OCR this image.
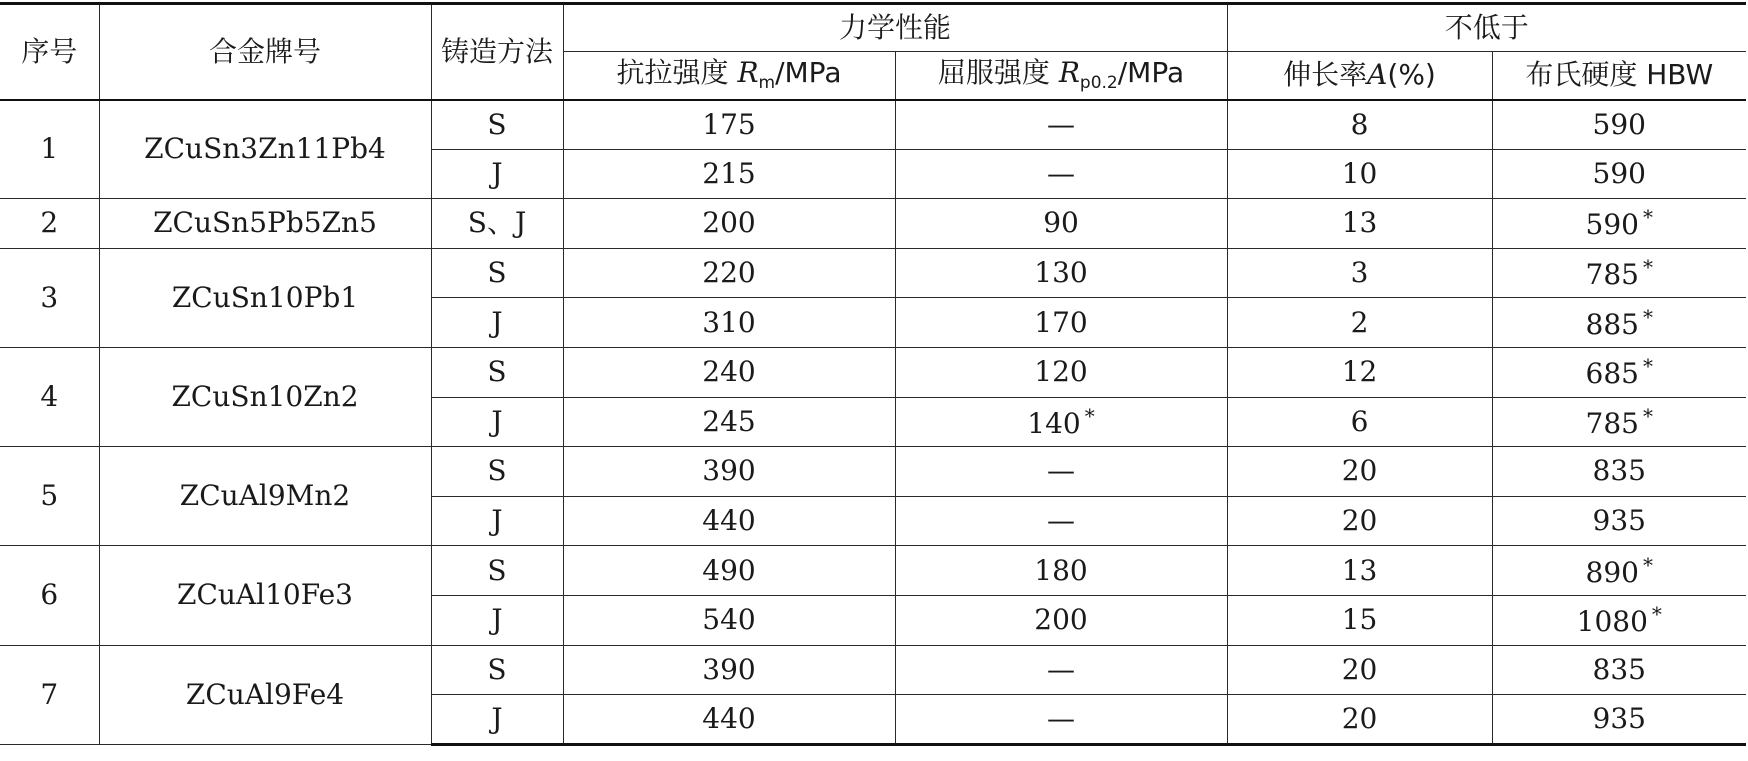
序号	合金牌号	铸造方法	力学性能		不低于	
			抗拉强度 $R_m$/MPa	屈服强度 $R_{p0.2}$/MPa	伸长率A(%)	布氏硬度 HBW
1	ZCuSn3Zn11Pb4	S	175	—	8	590
		J	215	—	10	590
2	ZCuSn5Pb5Zn5	S、J	200	90	13	590 *
3	ZCuSn10Pb1	S	220	130	3	785 *
		J	310	170	2	885 *
4	ZCuSn10Zn2	S	240	120	12	685 *
		J	245	140 *	6	785 *
5	ZCuAl9Mn2	S	390	—	20	835
		J	440	—	20	935
6	ZCuAl10Fe3	S	490	180	13	890 *
		J	540	200	15	1080 *
7	ZCuAl9Fe4	S	390	—	20	835
		J	440	—	20	935
